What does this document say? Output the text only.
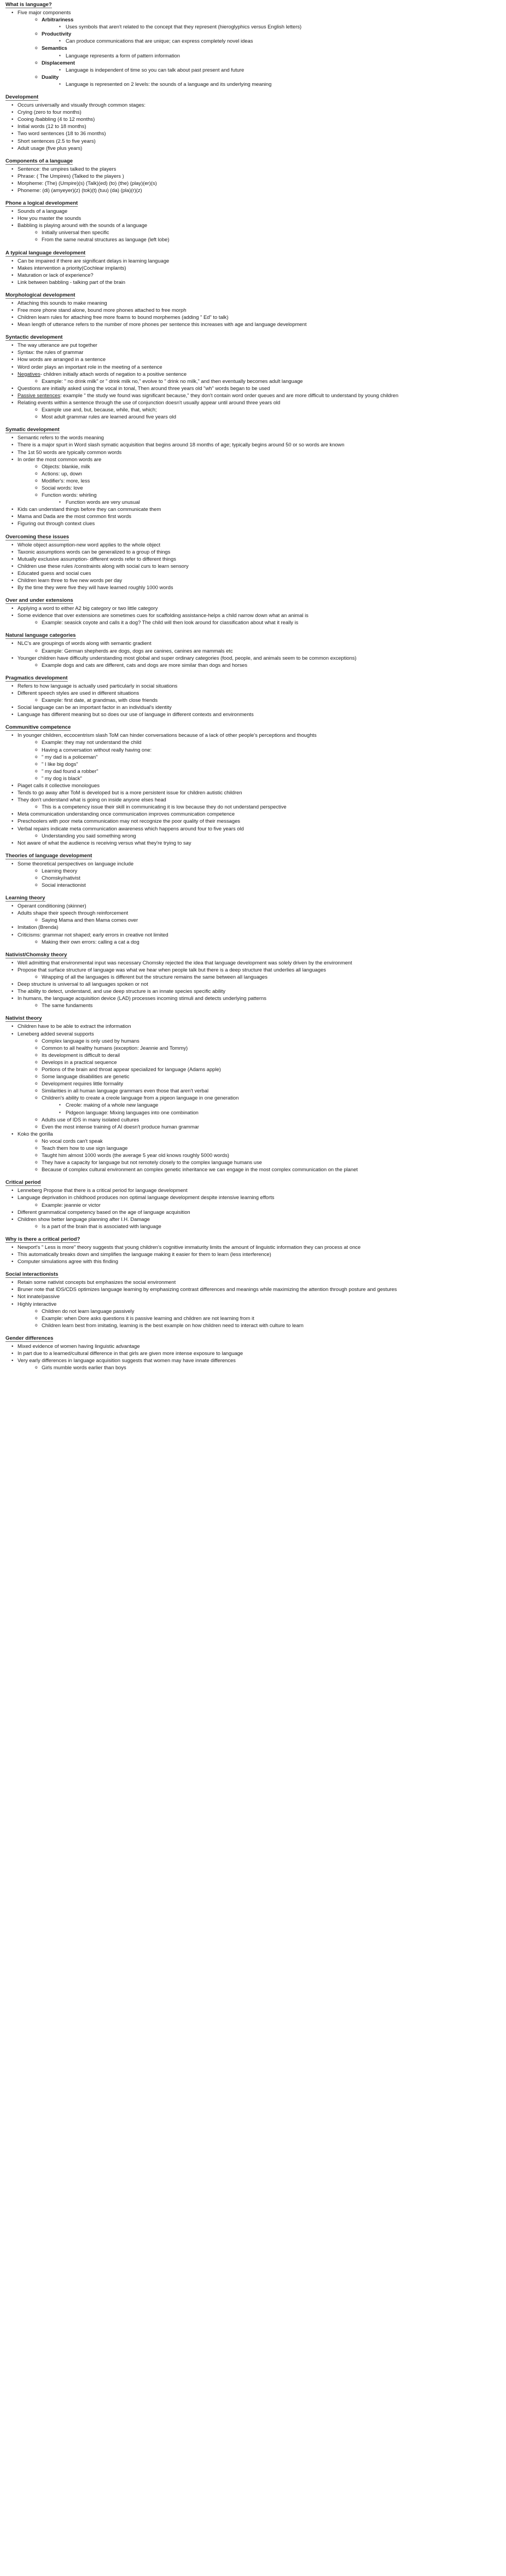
What is language?
• Five major components
o Arbitrariness
▪ Uses symbols that aren't related to the concept that they represent (hieroglyphics versus English letters)
o Productivity
▪ Can produce communications that are unique; can express completely novel ideas
o Semantics
▪ Language represents a form of pattern information
o Displacement
▪ Language is independent of time so you can talk about past present and future
o Duality
▪ Language is represented on 2 levels: the sounds of a language and its underlying meaning
Development
• Occurs universally and visually through common stages:
• Crying (zero to four months)
• Cooing /babbling (4 to 12 months)
• Initial words (12 to 18 months)
• Two word sentences (18 to 36 months)
• Short sentences (2.5 to five years)
• Adult usage (five plus years)
Components of a language
• Sentence: the umpires talked to the players
• Phrase: ( The Umpires) (Talked to the players )
• Morpheme: (The) (Umpire)(s) (Talk)(ed) (to) (the) (play)(er)(s)
• Phoneme: (di) (amyeyer)(z) (tok)(t) (tuu) (da) (pla)(r)(z)
Phone a logical development
• Sounds of a language
• How you master the sounds
• Babbling is playing around with the sounds of a language
o Initially universal then specific
o From the same neutral structures as language (left lobe)
A typical language development
• Can be impaired if there are significant delays in learning language
• Makes intervention a priority(Cochlear implants)
• Maturation or lack of experience?
• Link between babbling - talking part of the brain
Morphological development
• Attaching this sounds to make meaning
• Free more phone stand alone, bound more phones attached to free morph
• Children learn rules for attaching free more foams to bound morphemes (adding " Ed" to talk)
• Mean length of utterance refers to the number of more phones per sentence this increases with age and language development
Syntactic development
• The way utterance are put together
• Syntax: the rules of grammar
• How words are arranged in a sentence
• Word order plays an important role in the meeting of a sentence
• Negatives- children initially attach words of negation to a positive sentence
o Example: " no drink milk" or " drink milk no," evolve to " drink no milk," and then eventually becomes adult language
• Questions are initially asked using the vocal in tonal, Then around three years old "wh" words began to be used
• Passive sentences: example " the study we found was significant because," they don't contain word order queues and are more difficult to understand by young children
• Relating events within a sentence through the use of conjunction doesn't usually appear until around three years old
o Example use and, but, because, while, that, which;
o Most adult grammar rules are learned around five years old
Symatic development
• Semantic refers to the words meaning
• There is a major spurt in Word slash symatic acquisition that begins around 18 months of age; typically begins around 50 or so words are known
• The 1st 50 words are typically common words
• In order the most common words are
o Objects: blankie, milk
o Actions: up, down
o Modifier's: more, less
o Social words: love
o Function words: whirling
▪ Function words are very unusual
• Kids can understand things before they can communicate them
• Mama and Dada are the most common first words
• Figuring out through context clues
Overcoming these issues
• Whole object assumption-new word applies to the whole object
• Taxonic assumptions words can be generalized to a group of things
• Mutually exclusive assumption- different words refer to different things
• Children use these rules /constraints along with social curs to learn sensory
• Educated guess and social cues
• Children learn three to five new words per day
• By the time they were five they will have learned roughly 1000 words
Over and under extensions
• Applying a word to either A2 big category or two little category
• Some evidence that over extensions are sometimes cues for scaffolding assistance-helps a child narrow down what an animal is
o Example: seasick coyote and calls it a dog? The child will then look around for classification about what it really is
Natural language categories
• NLC's are groupings of words along with semantic gradient
o Example: German shepherds are dogs, dogs are canines, canines are mammals etc
• Younger children have difficulty understanding most global and super ordinary categories (food, people, and animals seem to be common exceptions)
o Example dogs and cats are different, cats and dogs are more similar than dogs and horses
Pragmatics development
• Refers to how language is actually used particularly in social situations
• Different speech styles are used in different situations
o Example: first date, at grandmas, with close friends
• Social language can be an important factor in an individual's identity
• Language has different meaning but so does our use of language in different contexts and environments
Communitive competence
• In younger children, eccocentrism slash ToM can hinder conversations because of a lack of other people's perceptions and thoughts
o Example: they may not understand the child
o Having a conversation without really having one:
o " my dad is a policeman"
o " I like big dogs"
o " my dad found a robber"
o " my dog is black"
• Piaget calls it collective monologues
• Tends to go away after ToM is developed but is a more persistent issue for children autistic children
• They don't understand what is going on inside anyone elses head
o This is a competency issue their skill in communicating it is low because they do not understand perspective
• Meta communication understanding once communication improves communication competence
• Preschoolers with poor meta communication may not recognize the poor quality of their messages
• Verbal repairs indicate meta communication awareness which happens around four to five years old
o Understanding you said something wrong
• Not aware of what the audience is receiving versus what they're trying to say
Theories of language development
• Some theoretical perspectives on language include
o Learning theory
o Chomsky/nativist
o Social interactionist
Learning theory
• Operant conditioning (skinner)
• Adults shape their speech through reinforcement
o Saying Mama and then Mama comes over
• Imitation (Brenda)
• Criticisms: grammar not shaped; early errors in creative not limited
o Making their own errors: calling a cat a dog
Nativist/Chomsky theory
• Well admitting that environmental input was necessary Chomsky rejected the idea that language development was solely driven by the environment
• Propose that surface structure of language was what we hear when people talk but there is a deep structure that underlies all languages
o Wrapping of all the languages is different but the structure remains the same between all languages
• Deep structure is universal to all languages spoken or not
• The ability to detect, understand, and use deep structure is an innate species specific ability
• In humans, the language acquisition device (LAD) processes incoming stimuli and detects underlying patterns
o The same fundaments
Nativist theory
• Children have to be able to extract the information
• Leneberg added several supports
o Complex language is only used by humans
o Common to all healthy humans (exception: Jeannie and Tommy)
o Its development is difficult to derail
o Develops in a practical sequence
o Portions of the brain and throat appear specialized for language (Adams apple)
o Some language disabilities are genetic
o Development requires little formality
o Similarities in all human language grammars even those that aren't verbal
o Children's ability to create a creole language from a pigeon language in one generation
▪ Creole: making of a whole new language
▪ Pidgeon language: Mixing languages into one combination
o Adults use of IDS in many isolated cultures
o Even the most intense training of AI doesn't produce human grammar
• Koko the gorilla
o No vocal cords can't speak
o Teach them how to use sign language
o Taught him almost 1000 words (the average 5 year old knows roughly 5000 words)
o They have a capacity for language but not remotely closely to the complex language humans use
o Because of complex cultural environment an complex genetic inheritance we can engage in the most complex communication on the planet
Critical period
• Lenneberg Propose that there is a critical period for language development
• Language deprivation in childhood produces non optimal language development despite intensive learning efforts
o Example: jeannie or victor
• Different grammatical competency based on the age of language acquisition
• Children show better language planning after I.H. Damage
o Is a part of the brain that is associated with language
Why is there a critical period?
• Newport's " Less is more" theory suggests that young children's cognitive immaturity limits the amount of linguistic information they can process at once
• This automatically breaks down and simplifies the language making it easier for them to learn (less interference)
• Computer simulations agree with this finding
Social interactionists
• Retain some nativist concepts but emphasizes the social environment
• Bruner note that IDS/CDS optimizes language learning by emphasizing contrast differences and meanings while maximizing the attention through posture and gestures
• Not innate/passive
• Highly interactive
o Children do not learn language passively
o Example: when Dore asks questions it is passive learning and children are not learning from it
o Children learn best from imitating, learning is the best example on how children need to interact with culture to learn
Gender differences
• Mixed evidence of women having linguistic advantage
• In part due to a learned/cultural difference in that girls are given more intense exposure to language
• Very early differences in language acquisition suggests that women may have innate differences
o Girls mumble words earlier than boys
